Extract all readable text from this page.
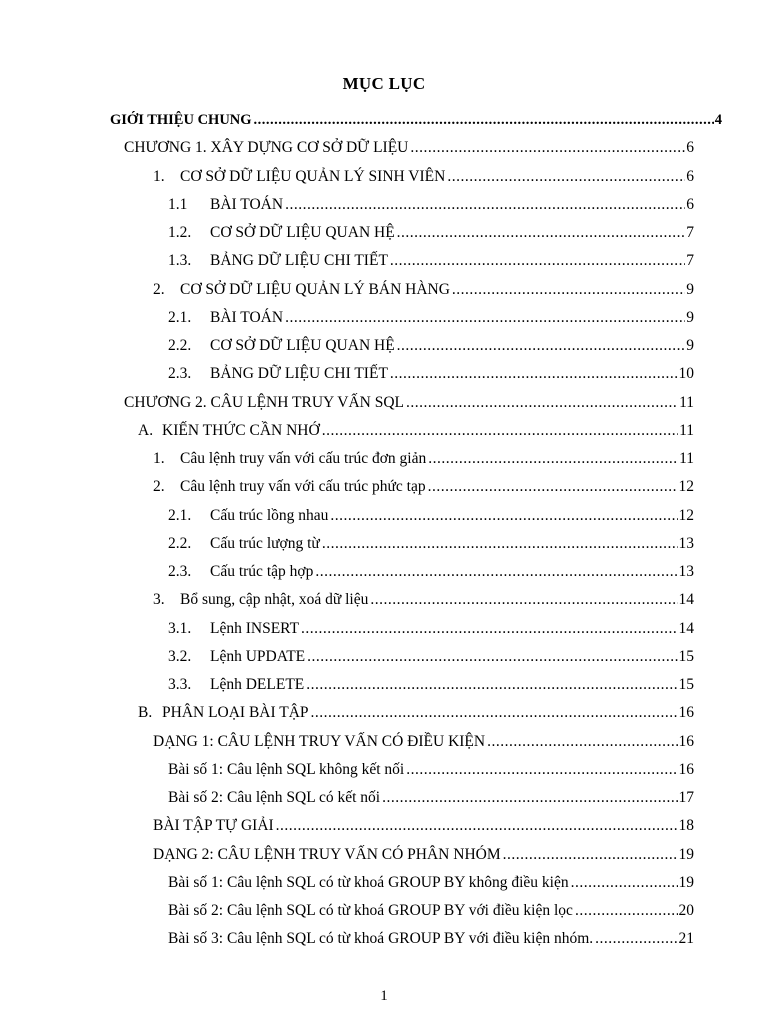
MỤC LỤC
GIỚI THIỆU CHUNG .....	4
CHƯƠNG 1. XÂY DỰNG CƠ SỞ DỮ LIỆU .....	6
1. CƠ SỞ DỮ LIỆU QUẢN LÝ SINH VIÊN .....	6
1.1	BÀI TOÁN .....	6
1.2.	CƠ SỞ DỮ LIỆU QUAN HỆ .....	7
1.3.	BẢNG DỮ LIỆU CHI TIẾT .....	7
2. CƠ SỞ DỮ LIỆU QUẢN LÝ BÁN HÀNG .....	9
2.1.	BÀI TOÁN .....	9
2.2.	CƠ SỞ DỮ LIỆU QUAN HỆ .....	9
2.3.	BẢNG DỮ LIỆU CHI TIẾT .....	10
CHƯƠNG 2. CÂU LỆNH TRUY VẤN SQL .....	11
A. KIẾN THỨC CẦN NHỚ .....	11
1. Câu lệnh truy vấn với cấu trúc đơn giản .....	11
2. Câu lệnh truy vấn với cấu trúc phức tạp .....	12
2.1.	Cấu trúc lồng nhau .....	12
2.2.	Cấu trúc lượng từ .....	13
2.3.	Cấu trúc tập hợp .....	13
3. Bổ sung, cập nhật, xoá dữ liệu .....	14
3.1.	Lệnh INSERT .....	14
3.2.	Lệnh UPDATE .....	15
3.3.	Lệnh DELETE .....	15
B. PHÂN LOẠI BÀI TẬP .....	16
DẠNG 1: CÂU LỆNH TRUY VẤN CÓ ĐIỀU KIỆN .....	16
Bài số 1: Câu lệnh SQL không kết nối .....	16
Bài số 2: Câu lệnh SQL có kết nối .....	17
BÀI TẬP TỰ GIẢI .....	18
DẠNG 2: CÂU LỆNH TRUY VẤN CÓ PHÂN NHÓM .....	19
Bài số 1: Câu lệnh SQL có từ khoá GROUP BY không điều kiện .....	19
Bài số 2: Câu lệnh SQL có từ khoá GROUP BY với điều kiện lọc .....	20
Bài số 3: Câu lệnh SQL có từ khoá GROUP BY với điều kiện nhóm. .....	21
1
